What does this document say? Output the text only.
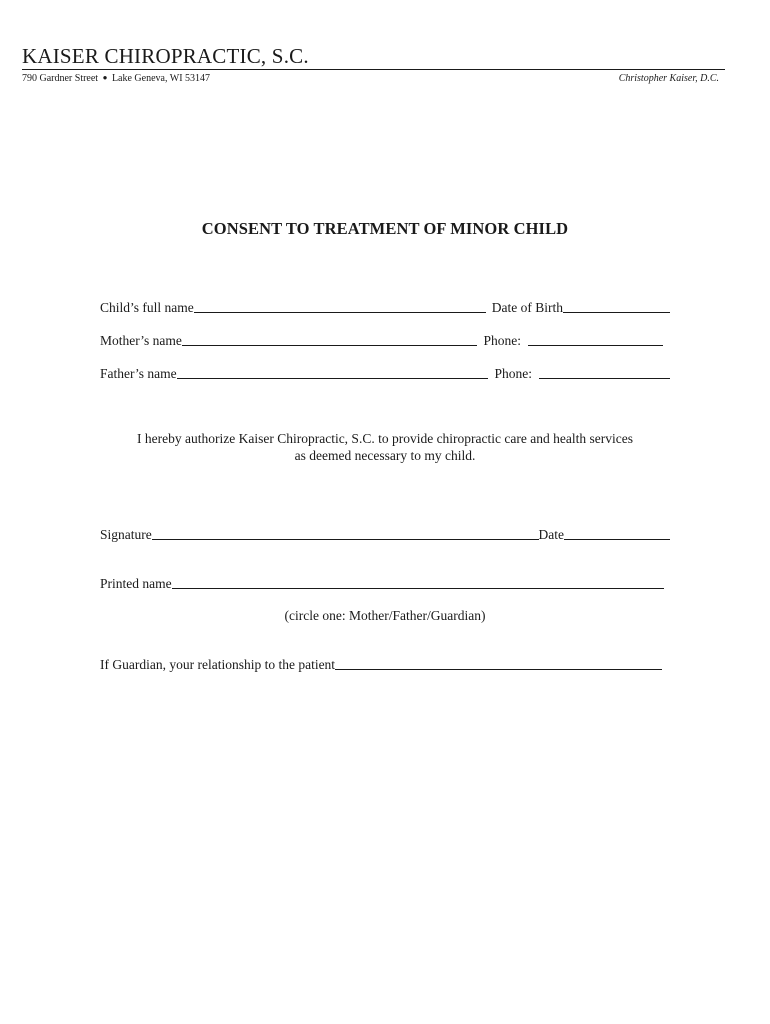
KAISER CHIROPRACTIC, S.C.
790 Gardner Street ● Lake Geneva, WI 53147	Christopher Kaiser, D.C.
CONSENT TO TREATMENT OF MINOR CHILD
Child’s full name	Date of Birth
Mother’s name	Phone:
Father’s name	Phone:
I hereby authorize Kaiser Chiropractic, S.C. to provide chiropractic care and health services
as deemed necessary to my child.
Signature	Date
Printed name
(circle one: Mother/Father/Guardian)
If Guardian, your relationship to the patient
